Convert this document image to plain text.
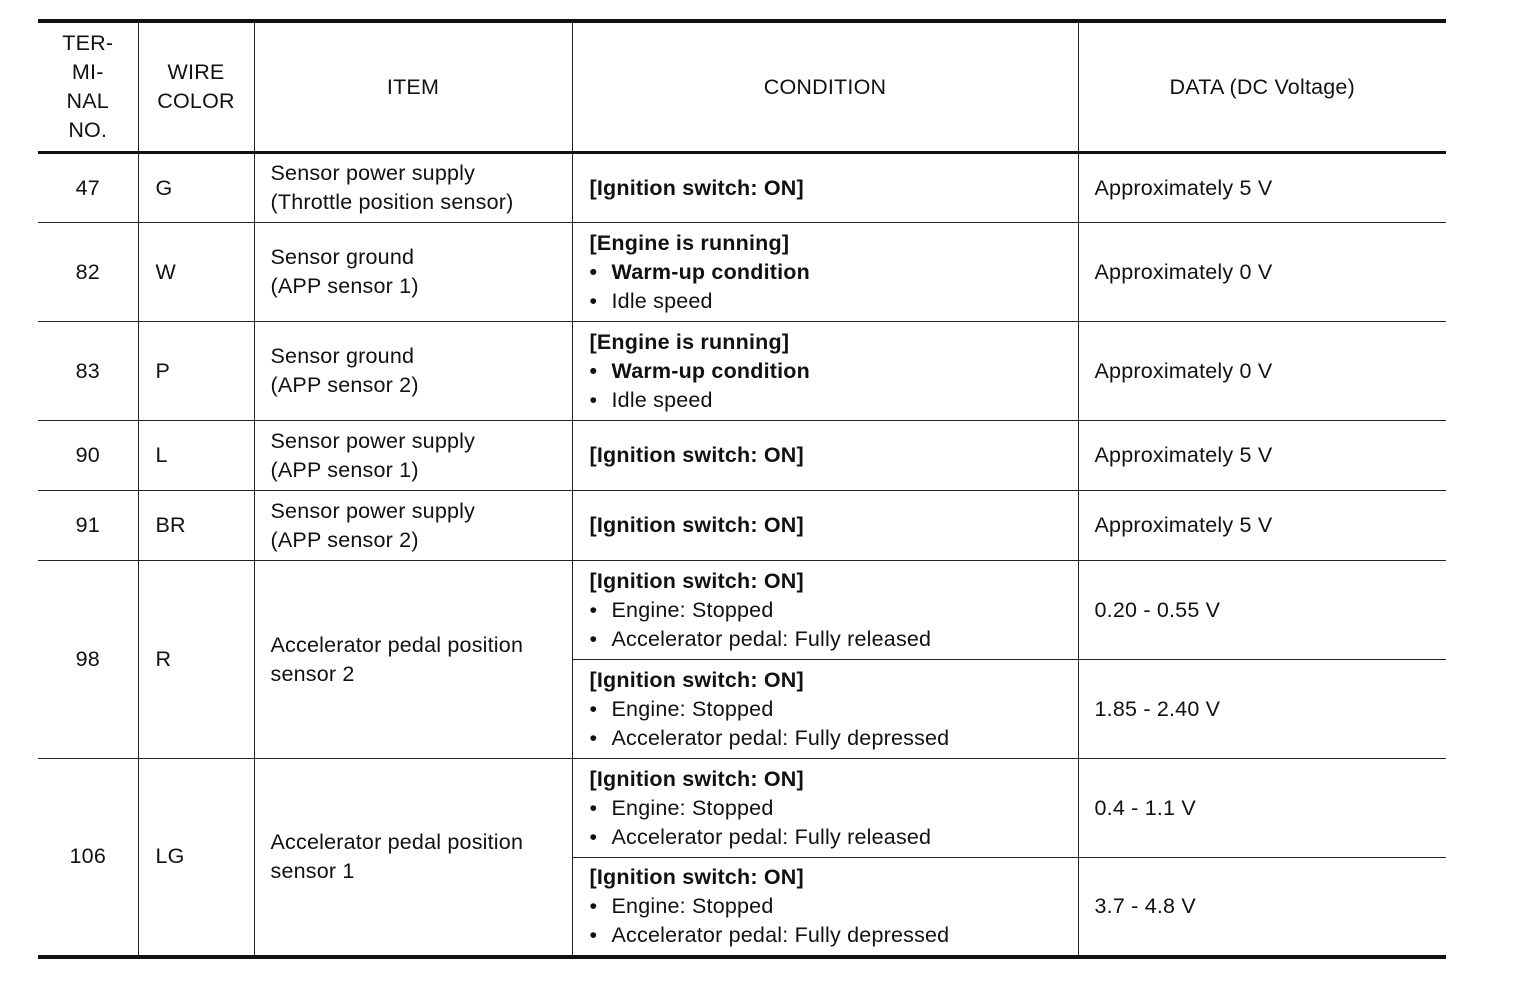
TER-
MI-
NAL
NO.	WIRE
COLOR	ITEM	CONDITION	DATA (DC Voltage)
47	G	Sensor power supply
(Throttle position sensor)	[Ignition switch: ON]	Approximately 5 V
82	W	Sensor ground
(APP sensor 1)	[Engine is running]
• Warm-up condition
• Idle speed	Approximately 0 V
83	P	Sensor ground
(APP sensor 2)	[Engine is running]
• Warm-up condition
• Idle speed	Approximately 0 V
90	L	Sensor power supply
(APP sensor 1)	[Ignition switch: ON]	Approximately 5 V
91	BR	Sensor power supply
(APP sensor 2)	[Ignition switch: ON]	Approximately 5 V
98	R	Accelerator pedal position
sensor 2	[Ignition switch: ON]
• Engine: Stopped
• Accelerator pedal: Fully released	0.20 - 0.55 V

			[Ignition switch: ON]
• Engine: Stopped
• Accelerator pedal: Fully depressed	1.85 - 2.40 V
106	LG	Accelerator pedal position
sensor 1	[Ignition switch: ON]
• Engine: Stopped
• Accelerator pedal: Fully released	0.4 - 1.1 V

			[Ignition switch: ON]
• Engine: Stopped
• Accelerator pedal: Fully depressed	3.7 - 4.8 V
